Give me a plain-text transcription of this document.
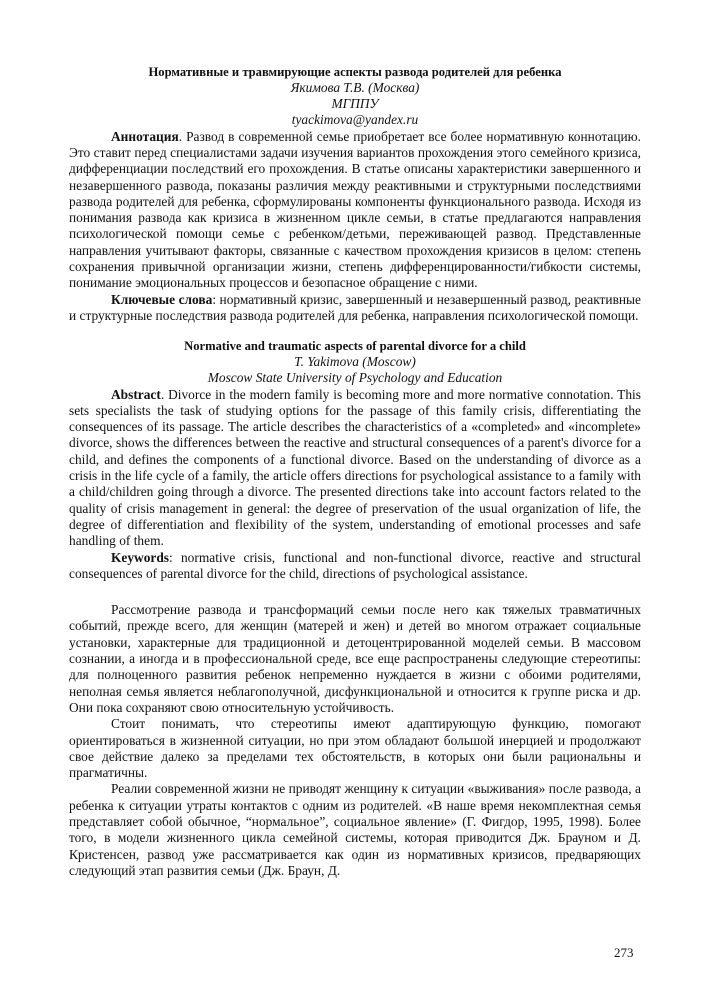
Нормативные и травмирующие аспекты развода родителей для ребенка
Якимова Т.В. (Москва)
МГППУ
tyackimova@yandex.ru

Аннотация. Развод в современной семье приобретает все более нормативную коннотацию. Это ставит перед специалистами задачи изучения вариантов прохождения этого семейного кризиса, дифференциации последствий его прохождения. В статье описаны характеристики завершенного и незавершенного развода, показаны различия между реактивными и структурными последствиями развода родителей для ребенка, сформулированы компоненты функционального развода. Исходя из понимания развода как кризиса в жизненном цикле семьи, в статье предлагаются направления психологической помощи семье с ребенком/детьми, переживающей развод. Представленные направления учитывают факторы, связанные с качеством прохождения кризисов в целом: степень сохранения привычной организации жизни, степень дифференцированности/гибкости системы, понимание эмоциональных процессов и безопасное обращение с ними.

Ключевые слова: нормативный кризис, завершенный и незавершенный развод, реактивные и структурные последствия развода родителей для ребенка, направления психологической помощи.

Normative and traumatic aspects of parental divorce for a child
T. Yakimova (Moscow)
Moscow State University of Psychology and Education

Abstract. Divorce in the modern family is becoming more and more normative connotation. This sets specialists the task of studying options for the passage of this family crisis, differentiating the consequences of its passage. The article describes the characteristics of a «completed» and «incomplete» divorce, shows the differences between the reactive and structural consequences of a parent's divorce for a child, and defines the components of a functional divorce. Based on the understanding of divorce as a crisis in the life cycle of a family, the article offers directions for psychological assistance to a family with a child/children going through a divorce. The presented directions take into account factors related to the quality of crisis management in general: the degree of preservation of the usual organization of life, the degree of differentiation and flexibility of the system, understanding of emotional processes and safe handling of them.

Keywords: normative crisis, functional and non-functional divorce, reactive and structural consequences of parental divorce for the child, directions of psychological assistance.

Рассмотрение развода и трансформаций семьи после него как тяжелых травматичных событий, прежде всего, для женщин (матерей и жен) и детей во многом отражает социальные установки, характерные для традиционной и детоцентрированной моделей семьи. В массовом сознании, а иногда и в профессиональной среде, все еще распространены следующие стереотипы: для полноценного развития ребенок непременно нуждается в жизни с обоими родителями, неполная семья является неблагополучной, дисфункциональной и относится к группе риска и др. Они пока сохраняют свою относительную устойчивость.

Стоит понимать, что стереотипы имеют адаптирующую функцию, помогают ориентироваться в жизненной ситуации, но при этом обладают большой инерцией и продолжают свое действие далеко за пределами тех обстоятельств, в которых они были рациональны и прагматичны.

Реалии современной жизни не приводят женщину к ситуации «выживания» после развода, а ребенка к ситуации утраты контактов с одним из родителей. «В наше время некомплектная семья представляет собой обычное, “нормальное”, социальное явление» (Г. Фигдор, 1995, 1998). Более того, в модели жизненного цикла семейной системы, которая приводится Дж. Брауном и Д. Кристенсен, развод уже рассматривается как один из нормативных кризисов, предваряющих следующий этап развития семьи (Дж. Браун, Д.

273
